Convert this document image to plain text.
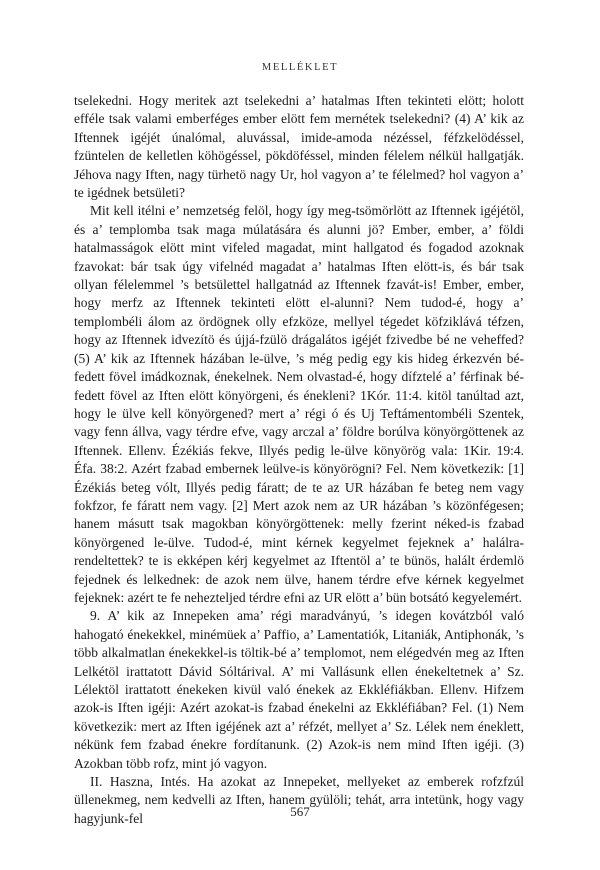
MELLÉKLET

tselekedni. Hogy meritek azt tselekedni a’ hatalmas Iften tekinteti elött; holott efféle tsak valami emberféges ember elött fem mernétek tselekedni? (4) A’ kik az Iftennek igéjét únalómal, aluvással, imide-amoda nézéssel, féfzkelödéssel, fzüntelen de kelletlen köhögéssel, pökdöféssel, minden félelem nélkül hallgatják. Jéhova nagy Iften, nagy türhetö nagy Ur, hol vagyon a’ te félelmed? hol vagyon a’ te igédnek betsületi?

Mit kell itélni e’ nemzetség felöl, hogy így meg-tsömörlött az Iftennek igéjétöl, és a’ templomba tsak maga múlatására és alunni jö? Ember, ember, a’ földi hatalmasságok elött mint vifeled magadat, mint hallgatod és fogadod azoknak fzavokat: bár tsak úgy vifelnéd magadat a’ hatalmas Iften elött-is, és bár tsak ollyan félelemmel ’s betsülettel hallgatnád az Iftennek fzavát-is! Ember, ember, hogy merfz az Iftennek tekinteti elött el-alunni? Nem tudod-é, hogy a’ templombéli álom az ördögnek olly efzköze, mellyel tégedet köfziklává téfzen, hogy az Iftennek idvezítö és újjá-fzülö drágalátos igéjét fzivedbe bé ne veheffed? (5) A’ kik az Iftennek házában le-ülve, ’s még pedig egy kis hideg érkezvén bé-fedett fövel imádkoznak, énekelnek. Nem olvastad-é, hogy dífztelé a’ férfinak bé-fedett fövel az Iften elött könyörgeni, és énekleni? 1Kór. 11:4. kitöl tanúltad azt, hogy le ülve kell könyörgened? mert a’ régi ó és Uj Teftámentombéli Szentek, vagy fenn állva, vagy térdre efve, vagy arczal a’ földre borúlva könyörgöttenek az Iftennek. Ellenv. Ézékiás fekve, Illyés pedig le-ülve könyörög vala: 1Kir. 19:4. Éfa. 38:2. Azért fzabad embernek leülve-is könyörögni? Fel. Nem következik: [1] Ézékiás beteg vólt, Illyés pedig fáratt; de te az UR házában fe beteg nem vagy fokfzor, fe fáratt nem vagy. [2] Mert azok nem az UR házában ’s közönfégesen; hanem másutt tsak magokban könyörgöttenek: melly fzerint néked-is fzabad könyörgened le-ülve. Tudod-é, mint kérnek kegyelmet fejeknek a’ halálra-rendeltettek? te is ekképen kérj kegyelmet az Iftentöl a’ te bünös, halált érdemlö fejednek és lelkednek: de azok nem ülve, hanem térdre efve kérnek kegyelmet fejeknek: azért te fe nehezteljed térdre efni az UR elött a’ bün botsátó kegyelemért.

9. A’ kik az Innepeken ama’ régi maradványú, ’s idegen kovátzból való hahogató énekekkel, minémüek a’ Paffio, a’ Lamentatiók, Litaniák, Antiphonák, ’s több alkalmatlan énekekkel-is töltik-bé a’ templomot, nem elégedvén meg az Iften Lelkétöl irattatott Dávid Sóltárival. A’ mi Vallásunk ellen énekeltetnek a’ Sz. Lélektöl irattatott énekeken kivül való énekek az Ekkléfiákban. Ellenv. Hifzem azok-is Iften igéji: Azért azokat-is fzabad énekelni az Ekkléfiában? Fel. (1) Nem következik: mert az Iften igéjének azt a’ réfzét, mellyet a’ Sz. Lélek nem éneklett, nékünk fem fzabad énekre fordítanunk. (2) Azok-is nem mind Iften igéji. (3) Azokban több rofz, mint jó vagyon.

II. Haszna, Intés. Ha azokat az Innepeket, mellyeket az emberek rofzfzúl üllenekmeg, nem kedvelli az Iften, hanem gyülöli; tehát, arra intetünk, hogy vagy hagyjunk-fel	567
